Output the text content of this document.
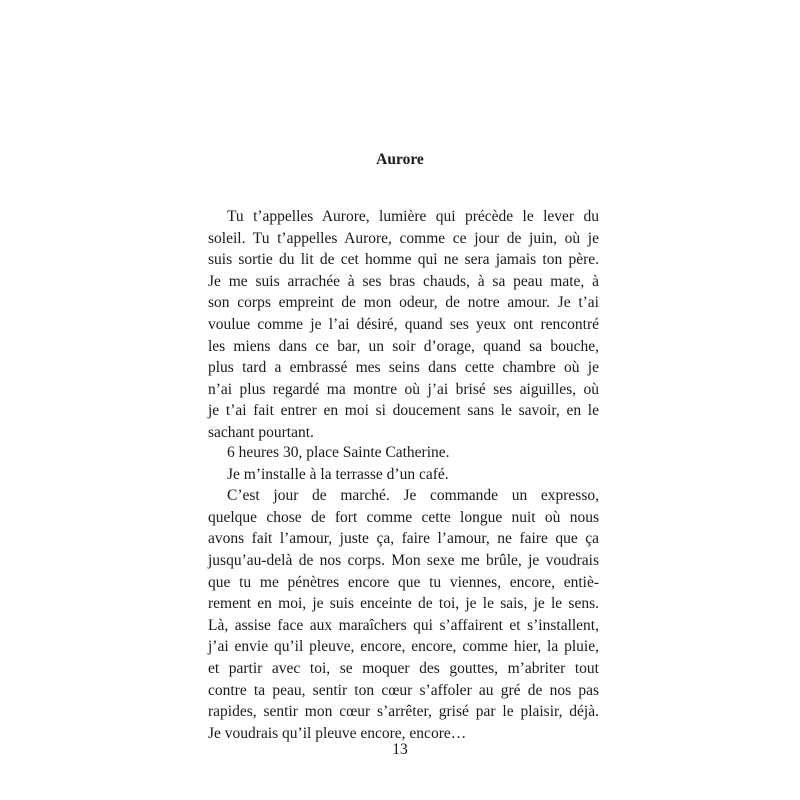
Aurore
Tu t’appelles Aurore, lumière qui précède le lever du
soleil. Tu t’appelles Aurore, comme ce jour de juin, où je
suis sortie du lit de cet homme qui ne sera jamais ton père.
Je me suis arrachée à ses bras chauds, à sa peau mate, à
son corps empreint de mon odeur, de notre amour. Je t’ai
voulue comme je l’ai désiré, quand ses yeux ont rencontré
les miens dans ce bar, un soir d’orage, quand sa bouche,
plus tard a embrassé mes seins dans cette chambre où je
n’ai plus regardé ma montre où j’ai brisé ses aiguilles, où
je t’ai fait entrer en moi si doucement sans le savoir, en le
sachant pourtant.
6 heures 30, place Sainte Catherine.
Je m’installe à la terrasse d’un café.
C’est jour de marché. Je commande un expresso,
quelque chose de fort comme cette longue nuit où nous
avons fait l’amour, juste ça, faire l’amour, ne faire que ça
jusqu’au-delà de nos corps. Mon sexe me brûle, je voudrais
que tu me pénètres encore que tu viennes, encore, entiè-
rement en moi, je suis enceinte de toi, je le sais, je le sens.
Là, assise face aux maraîchers qui s’affairent et s’installent,
j’ai envie qu’il pleuve, encore, encore, comme hier, la pluie,
et partir avec toi, se moquer des gouttes, m’abriter tout
contre ta peau, sentir ton cœur s’affoler au gré de nos pas
rapides, sentir mon cœur s’arrêter, grisé par le plaisir, déjà.
Je voudrais qu’il pleuve encore, encore…
13
